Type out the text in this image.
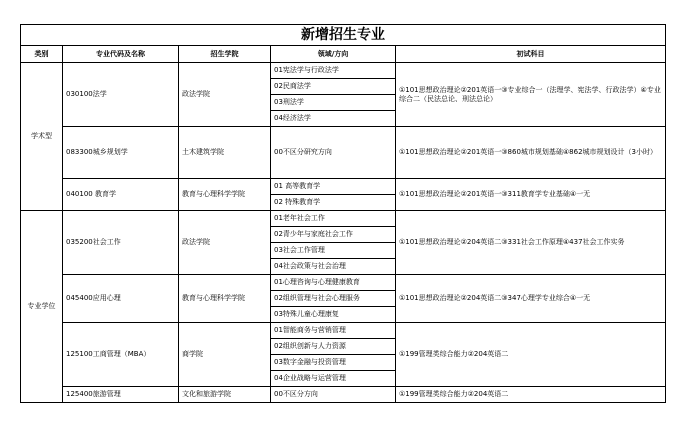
新增招生专业				
类别	专业代码及名称	招生学院	领域/方向	初试科目
学术型	030100法学	政法学院	01宪法学与行政法学	①101思想政治理论②201英语一③专业综合一（法理学、宪法学、行政法学）④专业综合二（民法总论、刑法总论）
			02民商法学	
			03刑法学	
			04经济法学	
	083300城乡规划学	土木建筑学院	00不区分研究方向	①101思想政治理论②201英语一③860城市规划基础④862城市规划设计（3小时）
	040100 教育学	教育与心理科学学院	01 高等教育学	①101思想政治理论②201英语一③311教育学专业基础④一无
			02 特殊教育学	
专业学位	035200社会工作	政法学院	01老年社会工作	①101思想政治理论②204英语二③331社会工作原理④437社会工作实务
			02青少年与家庭社会工作	
			03社会工作管理	
			04社会政策与社会治理	
	045400应用心理	教育与心理科学学院	01心理咨询与心理健康教育	①101思想政治理论②204英语二③347心理学专业综合④一无
			02组织管理与社会心理服务	
			03特殊儿童心理康复	
	125100工商管理（MBA）	商学院	01智能商务与营销管理	①199管理类综合能力②204英语二
			02组织创新与人力资源	
			03数字金融与投资管理	
			04企业战略与运营管理	
	125400旅游管理	文化和旅游学院	00不区分方向	①199管理类综合能力②204英语二
